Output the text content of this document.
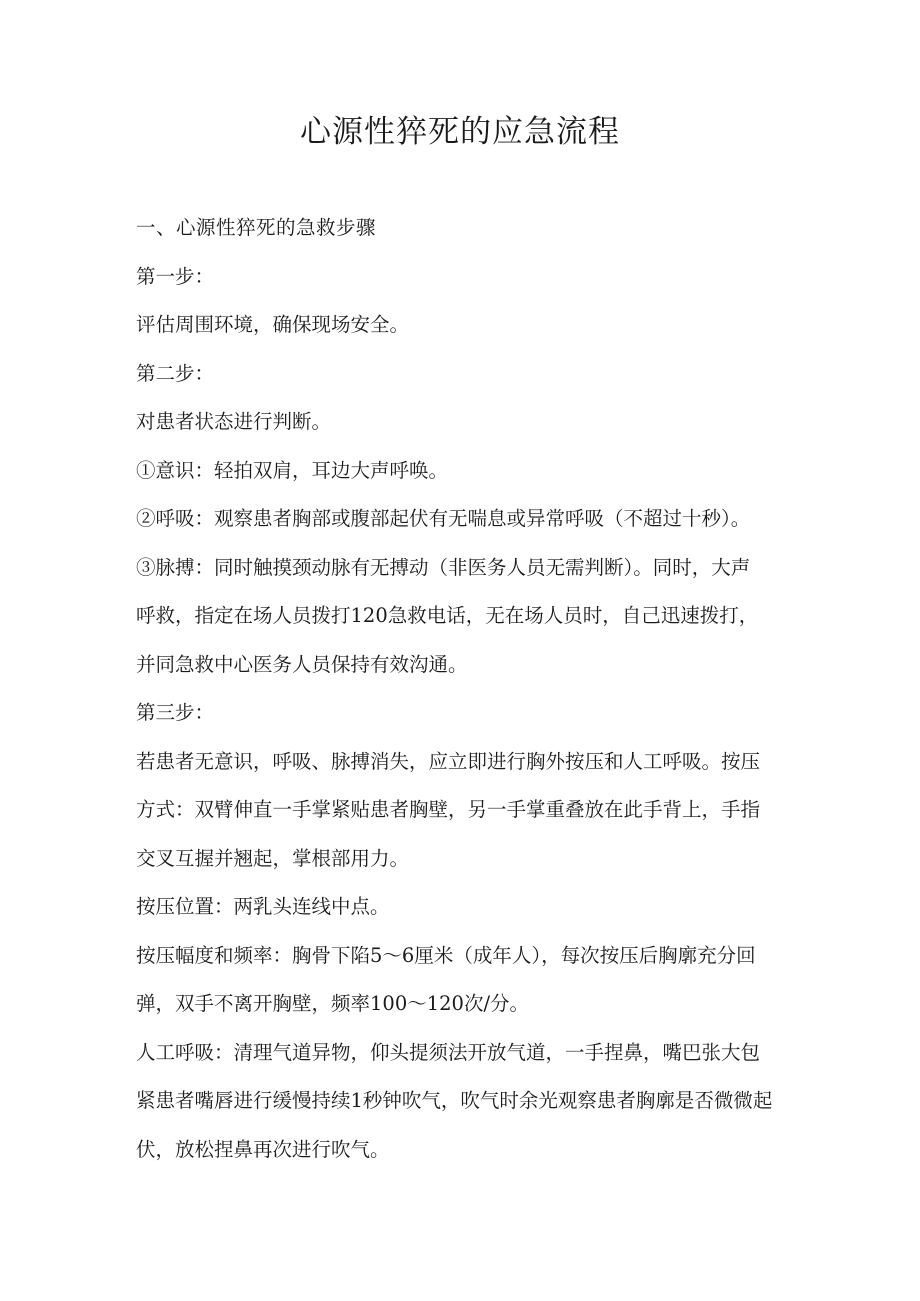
心源性猝死的应急流程

一、心源性猝死的急救步骤

第一步：

评估周围环境，确保现场安全。

第二步：

对患者状态进行判断。

①意识：轻拍双肩，耳边大声呼唤。

②呼吸：观察患者胸部或腹部起伏有无喘息或异常呼吸（不超过十秒）。

③脉搏：同时触摸颈动脉有无搏动（非医务人员无需判断）。同时，大声

呼救，指定在场人员拨打120急救电话，无在场人员时，自己迅速拨打，

并同急救中心医务人员保持有效沟通。

第三步：

若患者无意识，呼吸、脉搏消失，应立即进行胸外按压和人工呼吸。按压

方式：双臂伸直一手掌紧贴患者胸壁，另一手掌重叠放在此手背上，手指

交叉互握并翘起，掌根部用力。

按压位置：两乳头连线中点。

按压幅度和频率：胸骨下陷5～6厘米（成年人），每次按压后胸廓充分回

弹，双手不离开胸壁，频率100～120次/分。

人工呼吸：清理气道异物，仰头提须法开放气道，一手捏鼻，嘴巴张大包

紧患者嘴唇进行缓慢持续1秒钟吹气，吹气时余光观察患者胸廓是否微微起

伏，放松捏鼻再次进行吹气。
